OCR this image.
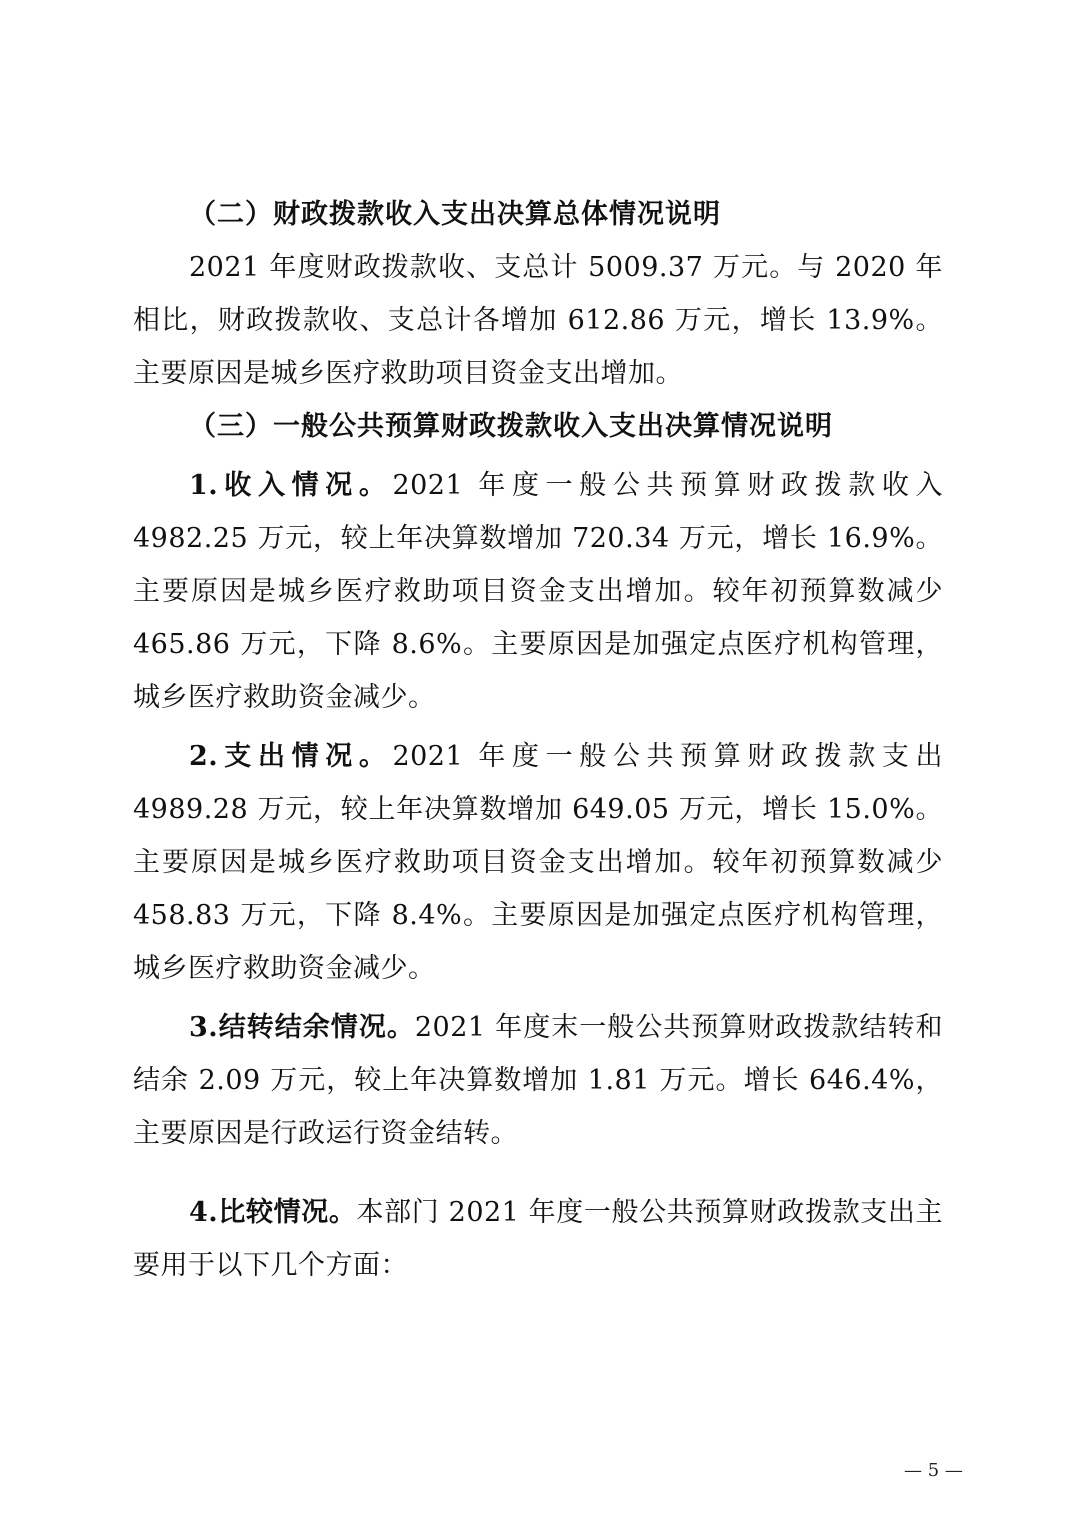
（二）财政拨款收入支出决算总体情况说明

2021 年度财政拨款收、支总计 5009.37 万元。与 2020 年相比，财政拨款收、支总计各增加 612.86 万元，增长 13.9%。主要原因是城乡医疗救助项目资金支出增加。

（三）一般公共预算财政拨款收入支出决算情况说明

1.收入情况。2021 年度一般公共预算财政拨款收入 4982.25 万元，较上年决算数增加 720.34 万元，增长 16.9%。主要原因是城乡医疗救助项目资金支出增加。较年初预算数减少 465.86 万元，下降 8.6%。主要原因是加强定点医疗机构管理，城乡医疗救助资金减少。

2.支出情况。2021 年度一般公共预算财政拨款支出 4989.28 万元，较上年决算数增加 649.05 万元，增长 15.0%。主要原因是城乡医疗救助项目资金支出增加。较年初预算数减少 458.83 万元，下降 8.4%。主要原因是加强定点医疗机构管理，城乡医疗救助资金减少。

3.结转结余情况。2021 年度末一般公共预算财政拨款结转和结余 2.09 万元，较上年决算数增加 1.81 万元。增长 646.4%，主要原因是行政运行资金结转。

4.比较情况。本部门 2021 年度一般公共预算财政拨款支出主要用于以下几个方面：

— 5 —
